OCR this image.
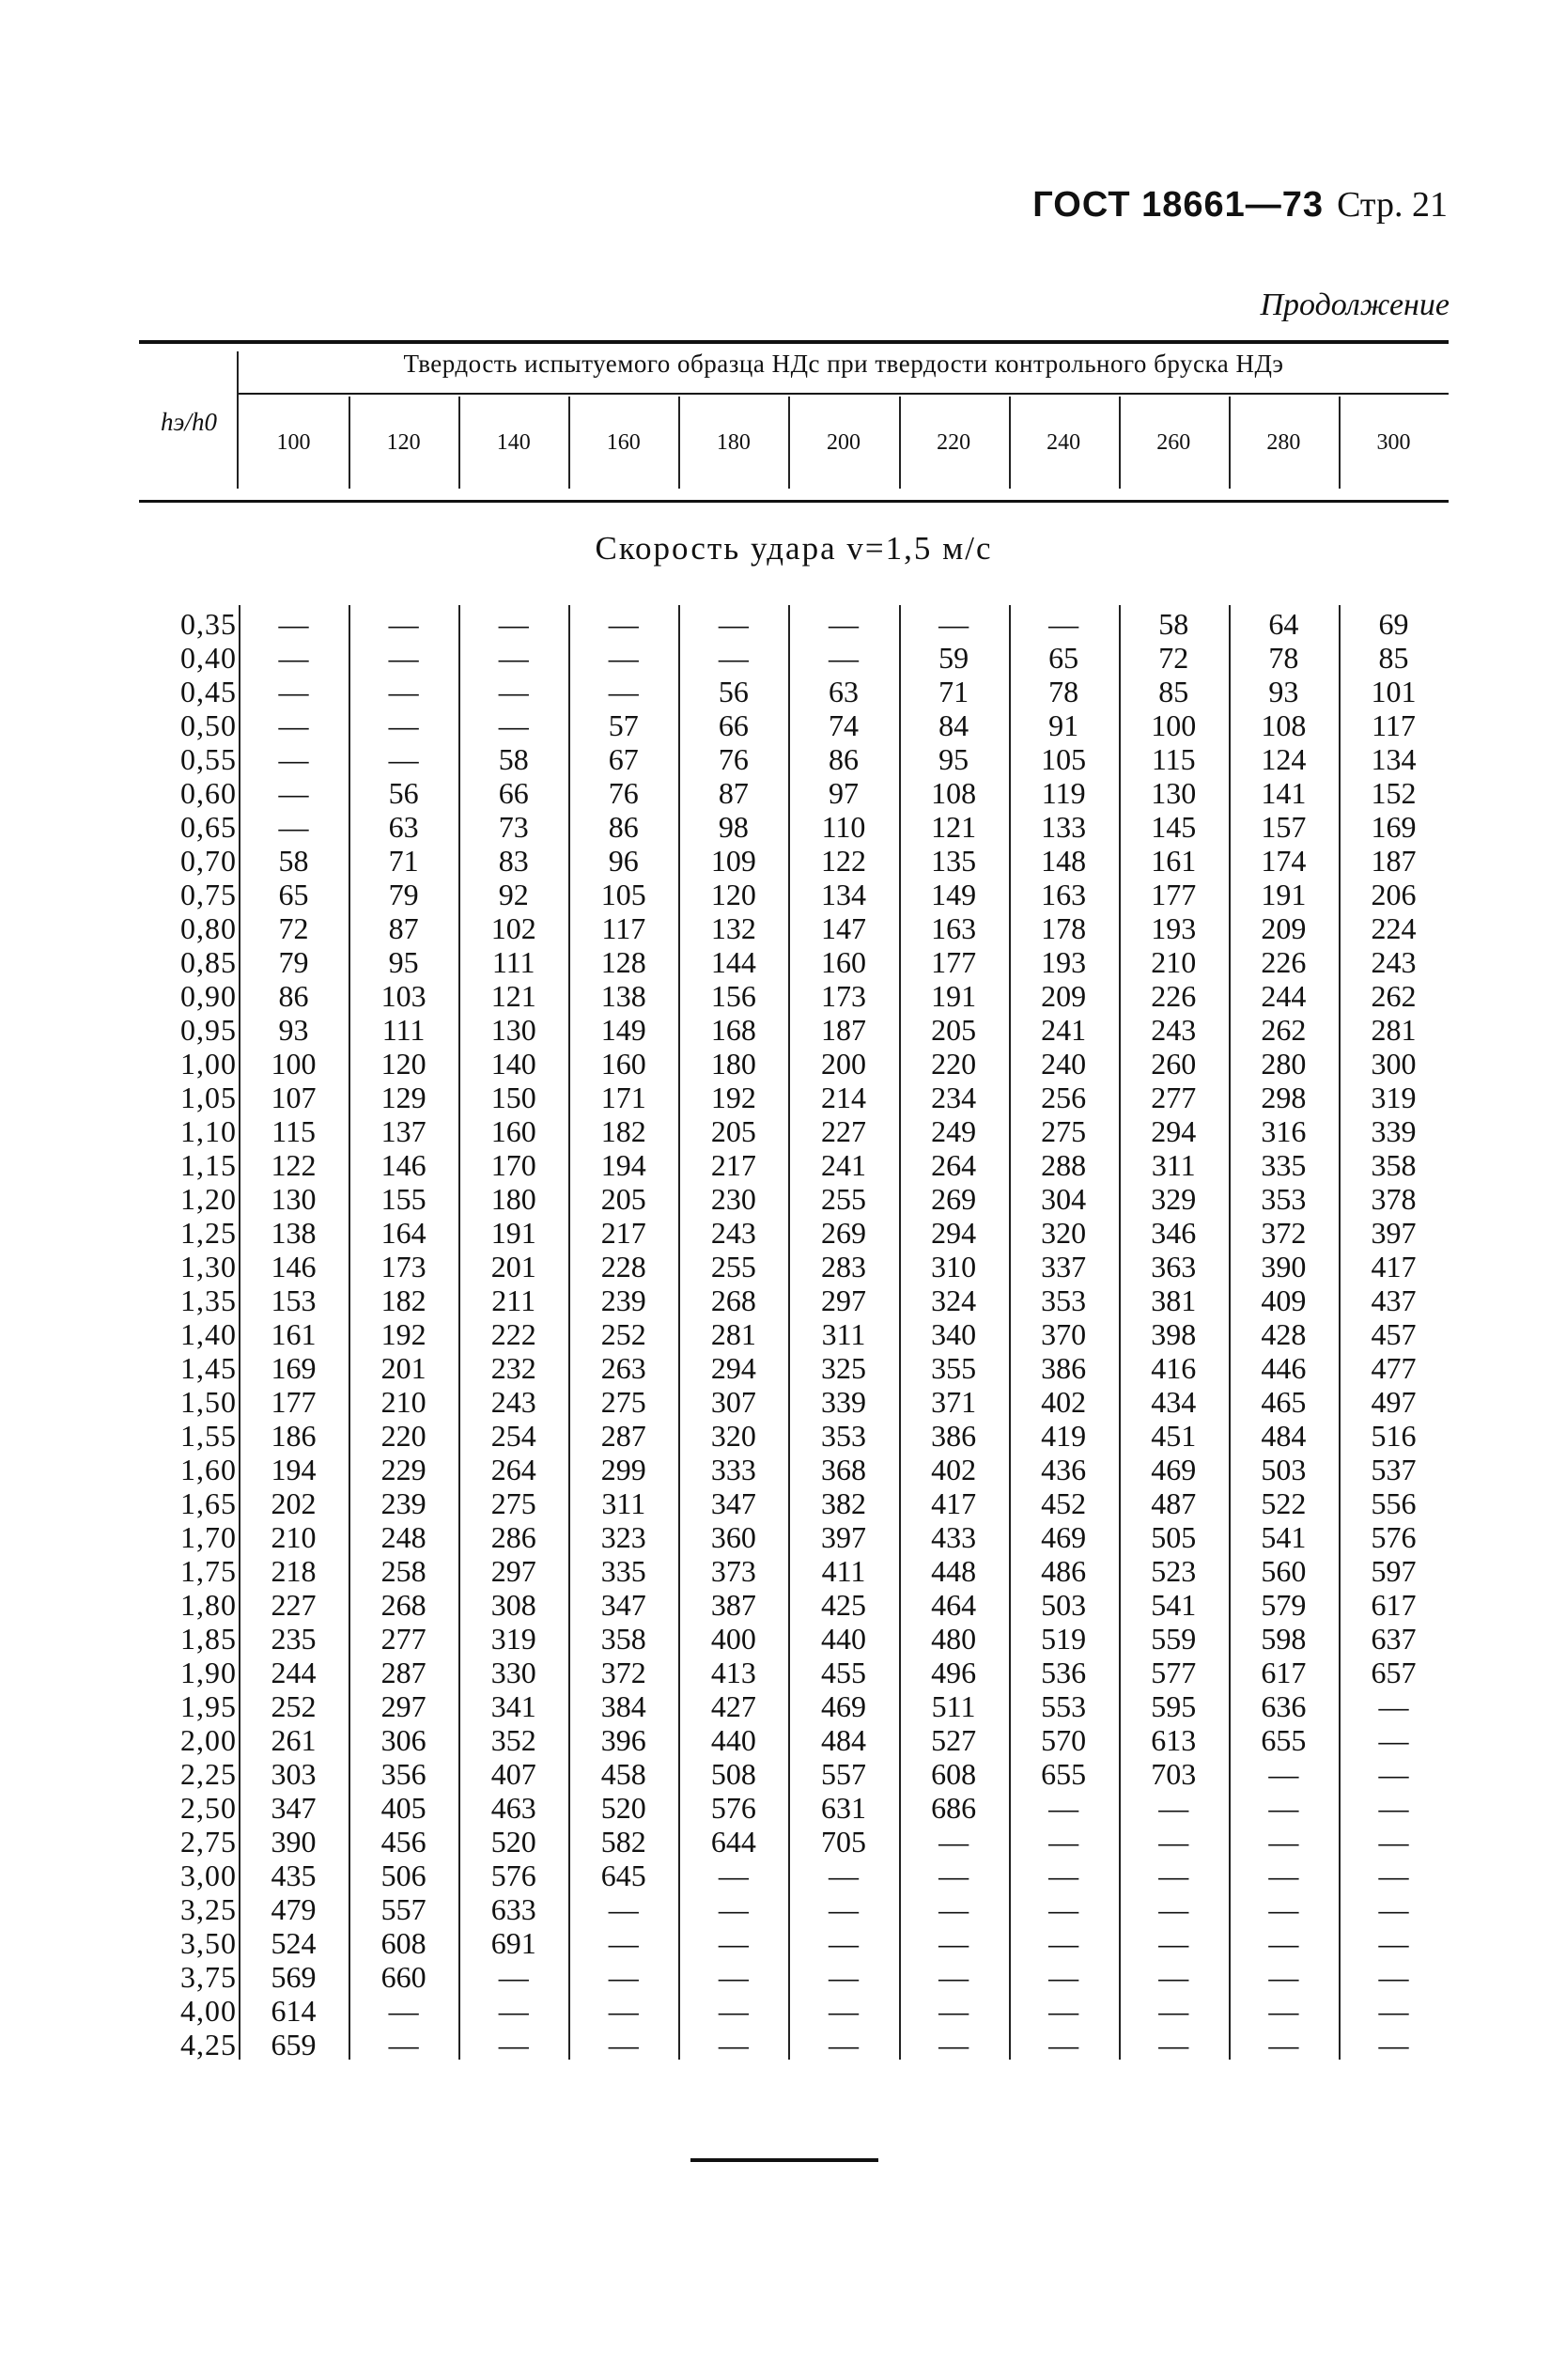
ГОСТ 18661—73 Стр. 21
Продолжение
Твердость испытуемого образца НДс при твердости контрольного бруска НДэ
hэ/h0
100	120	140	160	180	200	220	240	260	280	300
Скорость удара v=1,5 м/с
0,35	—	—	—	—	—	—	—	—	58	64	69
0,40	—	—	—	—	—	—	59	65	72	78	85
0,45	—	—	—	—	56	63	71	78	85	93	101
0,50	—	—	—	57	66	74	84	91	100	108	117
0,55	—	—	58	67	76	86	95	105	115	124	134
0,60	—	56	66	76	87	97	108	119	130	141	152
0,65	—	63	73	86	98	110	121	133	145	157	169
0,70	58	71	83	96	109	122	135	148	161	174	187
0,75	65	79	92	105	120	134	149	163	177	191	206
0,80	72	87	102	117	132	147	163	178	193	209	224
0,85	79	95	111	128	144	160	177	193	210	226	243
0,90	86	103	121	138	156	173	191	209	226	244	262
0,95	93	111	130	149	168	187	205	241	243	262	281
1,00	100	120	140	160	180	200	220	240	260	280	300
1,05	107	129	150	171	192	214	234	256	277	298	319
1,10	115	137	160	182	205	227	249	275	294	316	339
1,15	122	146	170	194	217	241	264	288	311	335	358
1,20	130	155	180	205	230	255	269	304	329	353	378
1,25	138	164	191	217	243	269	294	320	346	372	397
1,30	146	173	201	228	255	283	310	337	363	390	417
1,35	153	182	211	239	268	297	324	353	381	409	437
1,40	161	192	222	252	281	311	340	370	398	428	457
1,45	169	201	232	263	294	325	355	386	416	446	477
1,50	177	210	243	275	307	339	371	402	434	465	497
1,55	186	220	254	287	320	353	386	419	451	484	516
1,60	194	229	264	299	333	368	402	436	469	503	537
1,65	202	239	275	311	347	382	417	452	487	522	556
1,70	210	248	286	323	360	397	433	469	505	541	576
1,75	218	258	297	335	373	411	448	486	523	560	597
1,80	227	268	308	347	387	425	464	503	541	579	617
1,85	235	277	319	358	400	440	480	519	559	598	637
1,90	244	287	330	372	413	455	496	536	577	617	657
1,95	252	297	341	384	427	469	511	553	595	636	—
2,00	261	306	352	396	440	484	527	570	613	655	—
2,25	303	356	407	458	508	557	608	655	703	—	—
2,50	347	405	463	520	576	631	686	—	—	—	—
2,75	390	456	520	582	644	705	—	—	—	—	—
3,00	435	506	576	645	—	—	—	—	—	—	—
3,25	479	557	633	—	—	—	—	—	—	—	—
3,50	524	608	691	—	—	—	—	—	—	—	—
3,75	569	660	—	—	—	—	—	—	—	—	—
4,00	614	—	—	—	—	—	—	—	—	—	—
4,25	659	—	—	—	—	—	—	—	—	—	—
